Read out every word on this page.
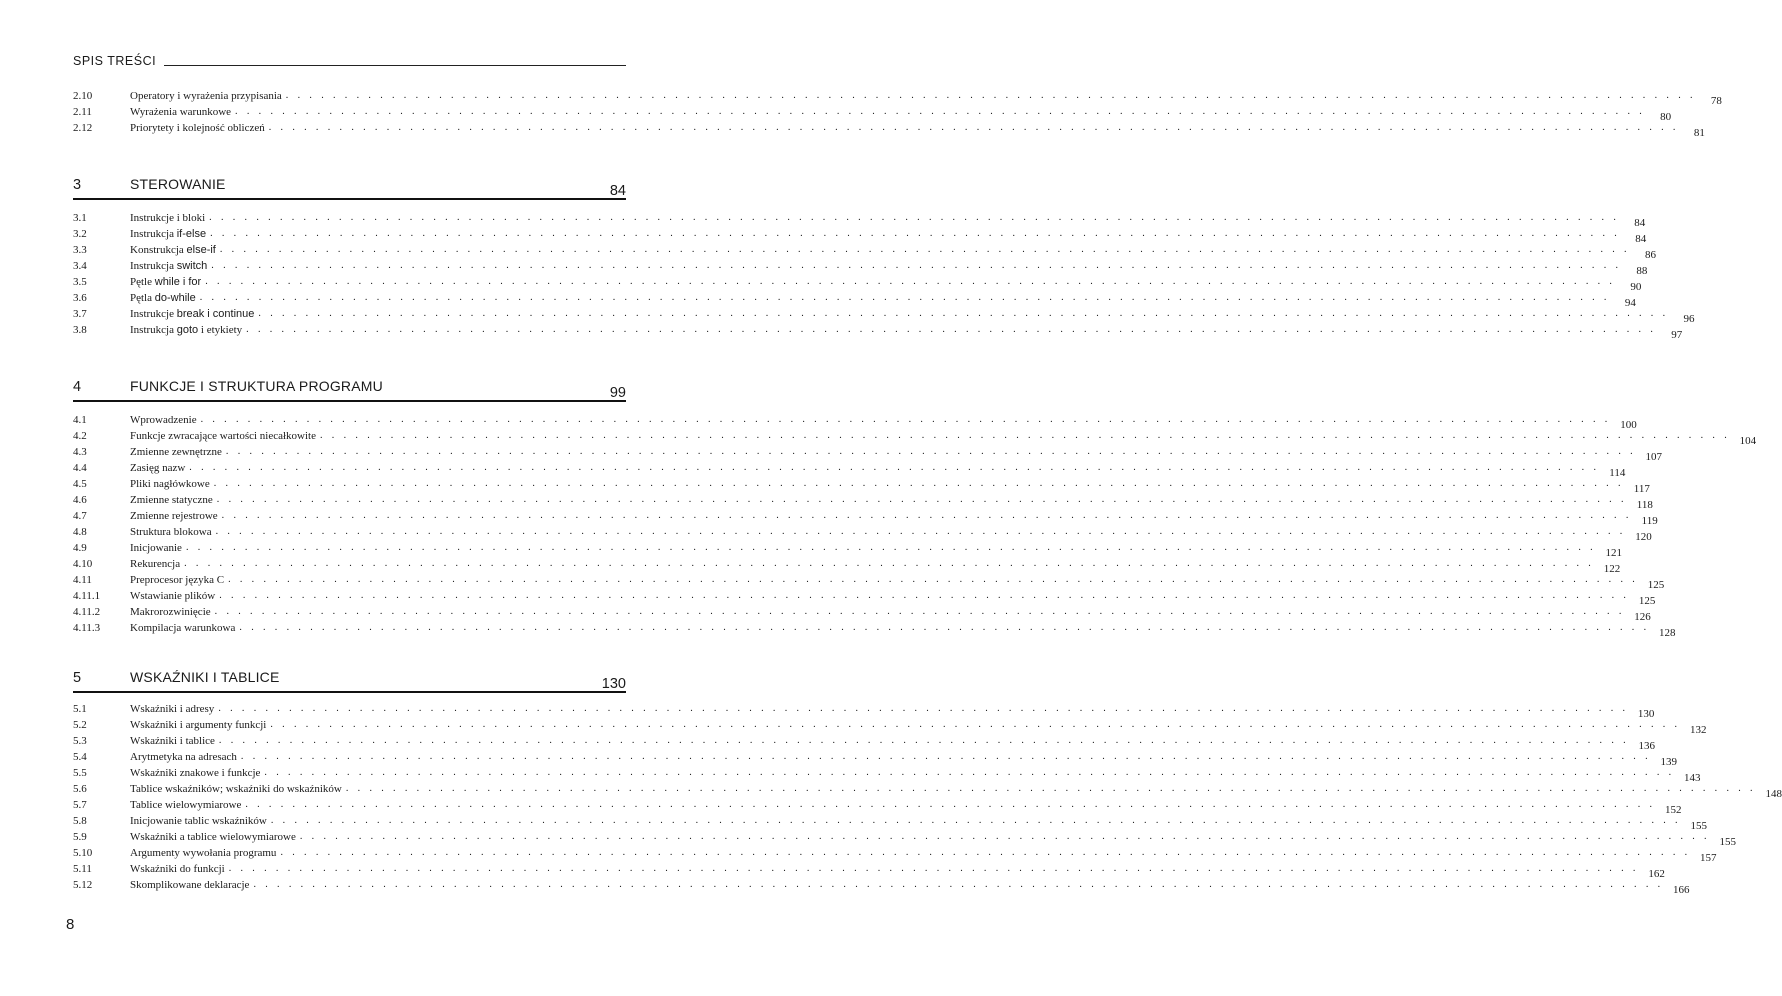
SPIS TREŚCI
2.10	Operatory i wyrażenia przypisania . . . . . . . . . . . . . . . . . . . . . . . . . . . . . . . . . . . . . . . . . . . . . . . . . . . . . . . . . . . . . . . . . . . . . . . . . . . . . . . . . . . . . . . . . . . . . . . . . . . . . . . . . . . . . . . . . . . . . . . .	78
2.11	Wyrażenia warunkowe . . . . . . . . . . . . . . . . . . . . . . . . . . . . . . . . . . . . . . . . . . . . . . . . . . . . . . . . . . . . . . . . . . . . . . . . . . . . . . . . . . . . . . . . . . . . . . . . . . . . . . . . . . . . . . . . . . . . . . . .	80
2.12	Priorytety i kolejność obliczeń . . . . . . . . . . . . . . . . . . . . . . . . . . . . . . . . . . . . . . . . . . . . . . . . . . . . . . . . . . . . . . . . . . . . . . . . . . . . . . . . . . . . . . . . . . . . . . . . . . . . . . . . . . . . . . . . . . . . . . . .	81
3	STEROWANIE	84
3.1	Instrukcje i bloki . . . . . . . . . . . . . . . . . . . . . . . . . . . . . . . . . . . . . . . . . . . . . . . . . . . . . . . . . . . . . . . . . . . . . . . . . . . . . . . . . . . . . . . . . . . . . . . . . . . . . . . . . . . . . . . . . . . . . . . .	84
3.2	Instrukcja if-else . . . . . . . . . . . . . . . . . . . . . . . . . . . . . . . . . . . . . . . . . . . . . . . . . . . . . . . . . . . . . . . . . . . . . . . . . . . . . . . . . . . . . . . . . . . . . . . . . . . . . . . . . . . . . . . . . . . . . . . .	84
3.3	Konstrukcja else-if . . . . . . . . . . . . . . . . . . . . . . . . . . . . . . . . . . . . . . . . . . . . . . . . . . . . . . . . . . . . . . . . . . . . . . . . . . . . . . . . . . . . . . . . . . . . . . . . . . . . . . . . . . . . . . . . . . . . . . . .	86
3.4	Instrukcja switch . . . . . . . . . . . . . . . . . . . . . . . . . . . . . . . . . . . . . . . . . . . . . . . . . . . . . . . . . . . . . . . . . . . . . . . . . . . . . . . . . . . . . . . . . . . . . . . . . . . . . . . . . . . . . . . . . . . . . . . .	88
3.5	Pętle while i for . . . . . . . . . . . . . . . . . . . . . . . . . . . . . . . . . . . . . . . . . . . . . . . . . . . . . . . . . . . . . . . . . . . . . . . . . . . . . . . . . . . . . . . . . . . . . . . . . . . . . . . . . . . . . . . . . . . . . . . .	90
3.6	Pętla do-while . . . . . . . . . . . . . . . . . . . . . . . . . . . . . . . . . . . . . . . . . . . . . . . . . . . . . . . . . . . . . . . . . . . . . . . . . . . . . . . . . . . . . . . . . . . . . . . . . . . . . . . . . . . . . . . . . . . . . . . .	94
3.7	Instrukcje break i continue . . . . . . . . . . . . . . . . . . . . . . . . . . . . . . . . . . . . . . . . . . . . . . . . . . . . . . . . . . . . . . . . . . . . . . . . . . . . . . . . . . . . . . . . . . . . . . . . . . . . . . . . . . . . . . . . . . . . . . . .	96
3.8	Instrukcja goto i etykiety . . . . . . . . . . . . . . . . . . . . . . . . . . . . . . . . . . . . . . . . . . . . . . . . . . . . . . . . . . . . . . . . . . . . . . . . . . . . . . . . . . . . . . . . . . . . . . . . . . . . . . . . . . . . . . . . . . . . . . . .	97
4	FUNKCJE I STRUKTURA PROGRAMU	99
4.1	Wprowadzenie . . . . . . . . . . . . . . . . . . . . . . . . . . . . . . . . . . . . . . . . . . . . . . . . . . . . . . . . . . . . . . . . . . . . . . . . . . . . . . . . . . . . . . . . . . . . . . . . . . . . . . . . . . . . . . . . . . . . . . . . 100
4.2	Funkcje zwracające wartości niecałkowite . . . . . . . . . . . . . . . . . . . . . . . . . . . . . . . . . . . . . . . . . . . . . . . . . . . . . . . . . . . . . . . . . . . . . . . . . . . . . . . . . . . . . . . . . . . . . . . . . . . . . . . . . . . . . . . . . . . . . . . . 104
4.3	Zmienne zewnętrzne . . . . . . . . . . . . . . . . . . . . . . . . . . . . . . . . . . . . . . . . . . . . . . . . . . . . . . . . . . . . . . . . . . . . . . . . . . . . . . . . . . . . . . . . . . . . . . . . . . . . . . . . . . . . . . . . . . . . . . . . 107
4.4	Zasięg nazw . . . . . . . . . . . . . . . . . . . . . . . . . . . . . . . . . . . . . . . . . . . . . . . . . . . . . . . . . . . . . . . . . . . . . . . . . . . . . . . . . . . . . . . . . . . . . . . . . . . . . . . . . . . . . . . . . . . . . . . . 114
4.5	Pliki nagłówkowe . . . . . . . . . . . . . . . . . . . . . . . . . . . . . . . . . . . . . . . . . . . . . . . . . . . . . . . . . . . . . . . . . . . . . . . . . . . . . . . . . . . . . . . . . . . . . . . . . . . . . . . . . . . . . . . . . . . . . . . . 117
4.6	Zmienne statyczne . . . . . . . . . . . . . . . . . . . . . . . . . . . . . . . . . . . . . . . . . . . . . . . . . . . . . . . . . . . . . . . . . . . . . . . . . . . . . . . . . . . . . . . . . . . . . . . . . . . . . . . . . . . . . . . . . . . . . . . . 118
4.7	Zmienne rejestrowe . . . . . . . . . . . . . . . . . . . . . . . . . . . . . . . . . . . . . . . . . . . . . . . . . . . . . . . . . . . . . . . . . . . . . . . . . . . . . . . . . . . . . . . . . . . . . . . . . . . . . . . . . . . . . . . . . . . . . . . . 119
4.8	Struktura blokowa . . . . . . . . . . . . . . . . . . . . . . . . . . . . . . . . . . . . . . . . . . . . . . . . . . . . . . . . . . . . . . . . . . . . . . . . . . . . . . . . . . . . . . . . . . . . . . . . . . . . . . . . . . . . . . . . . . . . . . . . 120
4.9	Inicjowanie . . . . . . . . . . . . . . . . . . . . . . . . . . . . . . . . . . . . . . . . . . . . . . . . . . . . . . . . . . . . . . . . . . . . . . . . . . . . . . . . . . . . . . . . . . . . . . . . . . . . . . . . . . . . . . . . . . . . . . . . 121
4.10	Rekurencja . . . . . . . . . . . . . . . . . . . . . . . . . . . . . . . . . . . . . . . . . . . . . . . . . . . . . . . . . . . . . . . . . . . . . . . . . . . . . . . . . . . . . . . . . . . . . . . . . . . . . . . . . . . . . . . . . . . . . . . . 122
4.11	Preprocesor języka C . . . . . . . . . . . . . . . . . . . . . . . . . . . . . . . . . . . . . . . . . . . . . . . . . . . . . . . . . . . . . . . . . . . . . . . . . . . . . . . . . . . . . . . . . . . . . . . . . . . . . . . . . . . . . . . . . . . . . . . . 125
4.11.1	Wstawianie plików . . . . . . . . . . . . . . . . . . . . . . . . . . . . . . . . . . . . . . . . . . . . . . . . . . . . . . . . . . . . . . . . . . . . . . . . . . . . . . . . . . . . . . . . . . . . . . . . . . . . . . . . . . . . . . . . . . . . . . . . 125
4.11.2	Makrorozwinięcie . . . . . . . . . . . . . . . . . . . . . . . . . . . . . . . . . . . . . . . . . . . . . . . . . . . . . . . . . . . . . . . . . . . . . . . . . . . . . . . . . . . . . . . . . . . . . . . . . . . . . . . . . . . . . . . . . . . . . . . . 126
4.11.3	Kompilacja warunkowa . . . . . . . . . . . . . . . . . . . . . . . . . . . . . . . . . . . . . . . . . . . . . . . . . . . . . . . . . . . . . . . . . . . . . . . . . . . . . . . . . . . . . . . . . . . . . . . . . . . . . . . . . . . . . . . . . . . . . . . . 128
5	WSKAŹNIKI I TABLICE	130
5.1	Wskaźniki i adresy . . . . . . . . . . . . . . . . . . . . . . . . . . . . . . . . . . . . . . . . . . . . . . . . . . . . . . . . . . . . . . . . . . . . . . . . . . . . . . . . . . . . . . . . . . . . . . . . . . . . . . . . . . . . . . . . . . . . . . . . 130
5.2	Wskaźniki i argumenty funkcji . . . . . . . . . . . . . . . . . . . . . . . . . . . . . . . . . . . . . . . . . . . . . . . . . . . . . . . . . . . . . . . . . . . . . . . . . . . . . . . . . . . . . . . . . . . . . . . . . . . . . . . . . . . . . . . . . . . . . . . . 132
5.3	Wskaźniki i tablice . . . . . . . . . . . . . . . . . . . . . . . . . . . . . . . . . . . . . . . . . . . . . . . . . . . . . . . . . . . . . . . . . . . . . . . . . . . . . . . . . . . . . . . . . . . . . . . . . . . . . . . . . . . . . . . . . . . . . . . . 136
5.4	Arytmetyka na adresach . . . . . . . . . . . . . . . . . . . . . . . . . . . . . . . . . . . . . . . . . . . . . . . . . . . . . . . . . . . . . . . . . . . . . . . . . . . . . . . . . . . . . . . . . . . . . . . . . . . . . . . . . . . . . . . . . . . . . . . . 139
5.5	Wskaźniki znakowe i funkcje . . . . . . . . . . . . . . . . . . . . . . . . . . . . . . . . . . . . . . . . . . . . . . . . . . . . . . . . . . . . . . . . . . . . . . . . . . . . . . . . . . . . . . . . . . . . . . . . . . . . . . . . . . . . . . . . . . . . . . . . 143
5.6	Tablice wskaźników; wskaźniki do wskaźników . . . . . . . . . . . . . . . . . . . . . . . . . . . . . . . . . . . . . . . . . . . . . . . . . . . . . . . . . . . . . . . . . . . . . . . . . . . . . . . . . . . . . . . . . . . . . . . . . . . . . . . . . . . . . . . . . . . . . . . . 148
5.7	Tablice wielowymiarowe . . . . . . . . . . . . . . . . . . . . . . . . . . . . . . . . . . . . . . . . . . . . . . . . . . . . . . . . . . . . . . . . . . . . . . . . . . . . . . . . . . . . . . . . . . . . . . . . . . . . . . . . . . . . . . . . . . . . . . . . 152
5.8	Inicjowanie tablic wskaźników . . . . . . . . . . . . . . . . . . . . . . . . . . . . . . . . . . . . . . . . . . . . . . . . . . . . . . . . . . . . . . . . . . . . . . . . . . . . . . . . . . . . . . . . . . . . . . . . . . . . . . . . . . . . . . . . . . . . . . . . 155
5.9	Wskaźniki a tablice wielowymiarowe . . . . . . . . . . . . . . . . . . . . . . . . . . . . . . . . . . . . . . . . . . . . . . . . . . . . . . . . . . . . . . . . . . . . . . . . . . . . . . . . . . . . . . . . . . . . . . . . . . . . . . . . . . . . . . . . . . . . . . . . 155
5.10	Argumenty wywołania programu . . . . . . . . . . . . . . . . . . . . . . . . . . . . . . . . . . . . . . . . . . . . . . . . . . . . . . . . . . . . . . . . . . . . . . . . . . . . . . . . . . . . . . . . . . . . . . . . . . . . . . . . . . . . . . . . . . . . . . . . 157
5.11	Wskaźniki do funkcji . . . . . . . . . . . . . . . . . . . . . . . . . . . . . . . . . . . . . . . . . . . . . . . . . . . . . . . . . . . . . . . . . . . . . . . . . . . . . . . . . . . . . . . . . . . . . . . . . . . . . . . . . . . . . . . . . . . . . . . . 162
5.12	Skomplikowane deklaracje . . . . . . . . . . . . . . . . . . . . . . . . . . . . . . . . . . . . . . . . . . . . . . . . . . . . . . . . . . . . . . . . . . . . . . . . . . . . . . . . . . . . . . . . . . . . . . . . . . . . . . . . . . . . . . . . . . . . . . . . 166
8
